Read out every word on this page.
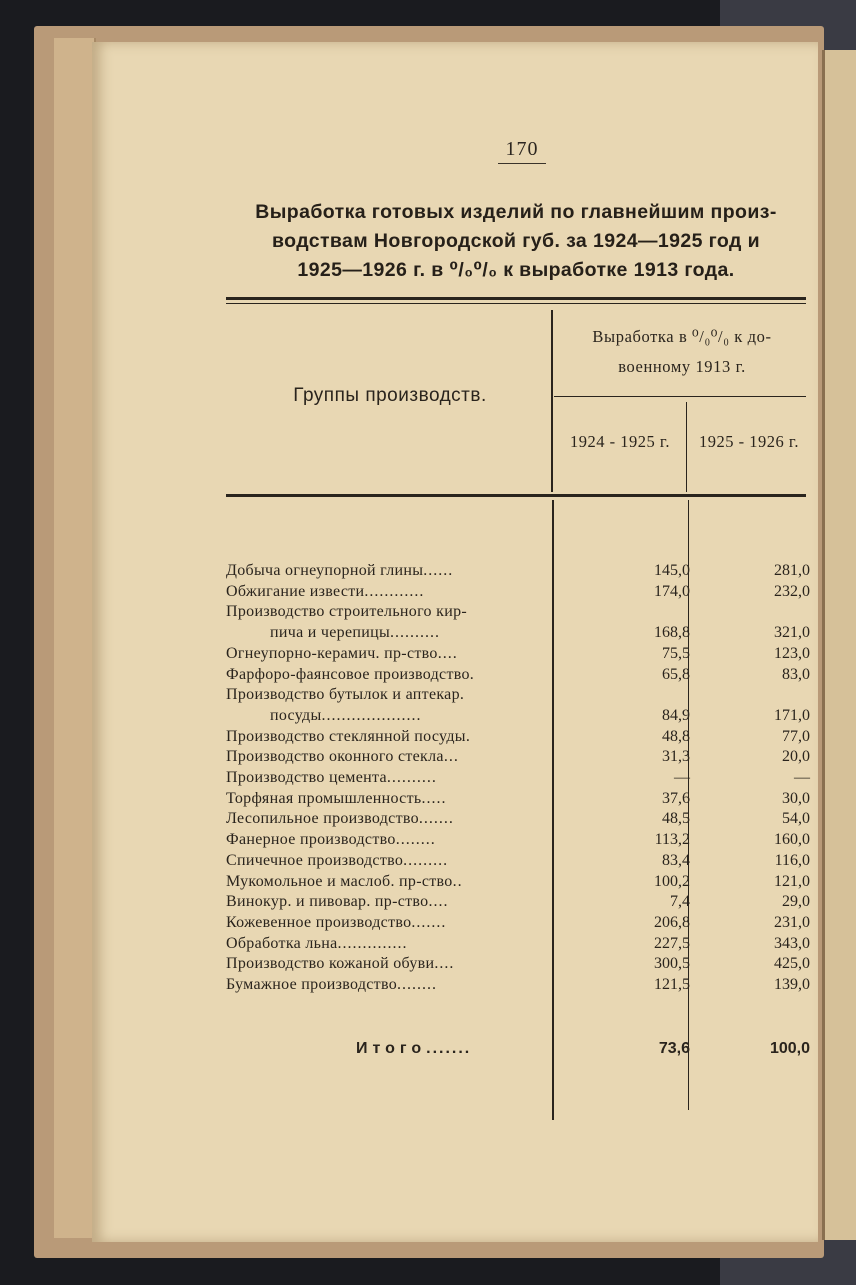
170
Выработка готовых изделий по главнейшим произ-
водствам Новгородской губ. за 1924—1925 год и
1925—1926 г. в ⁰/₀⁰/₀ к выработке 1913 года.
Группы производств.
Выработка в ⁰/₀⁰/₀ к до-
военному 1913 г.
1924 - 1925 г.	1925 - 1926 г.
Добыча огнеупорной глины......	145,0	281,0
Обжигание извести............	174,0	232,0
Производство строительного кир-
пича и черепицы..........	168,8	321,0
Огнеупорно-керамич. пр-ство....	75,5	123,0
Фарфоро-фаянсовое производство.	65,8	83,0
Производство бутылок и аптекар.
посуды....................	84,9	171,0
Производство стеклянной посуды.	48,8	77,0
Производство оконного стекла...	31,3	20,0
Производство цемента..........	—	—
Торфяная промышленность.....	37,6	30,0
Лесопильное производство.......	48,5	54,0
Фанерное производство........	113,2	160,0
Спичечное производство.........	83,4	116,0
Мукомольное и маслоб. пр-ство..	100,2	121,0
Винокур. и пивовар. пр-ство....	7,4	29,0
Кожевенное производство.......	206,8	231,0
Обработка льна..............	227,5	343,0
Производство кожаной обуви....	300,5	425,0
Бумажное производство........	121,5	139,0
Итого.......	73,6	100,0
